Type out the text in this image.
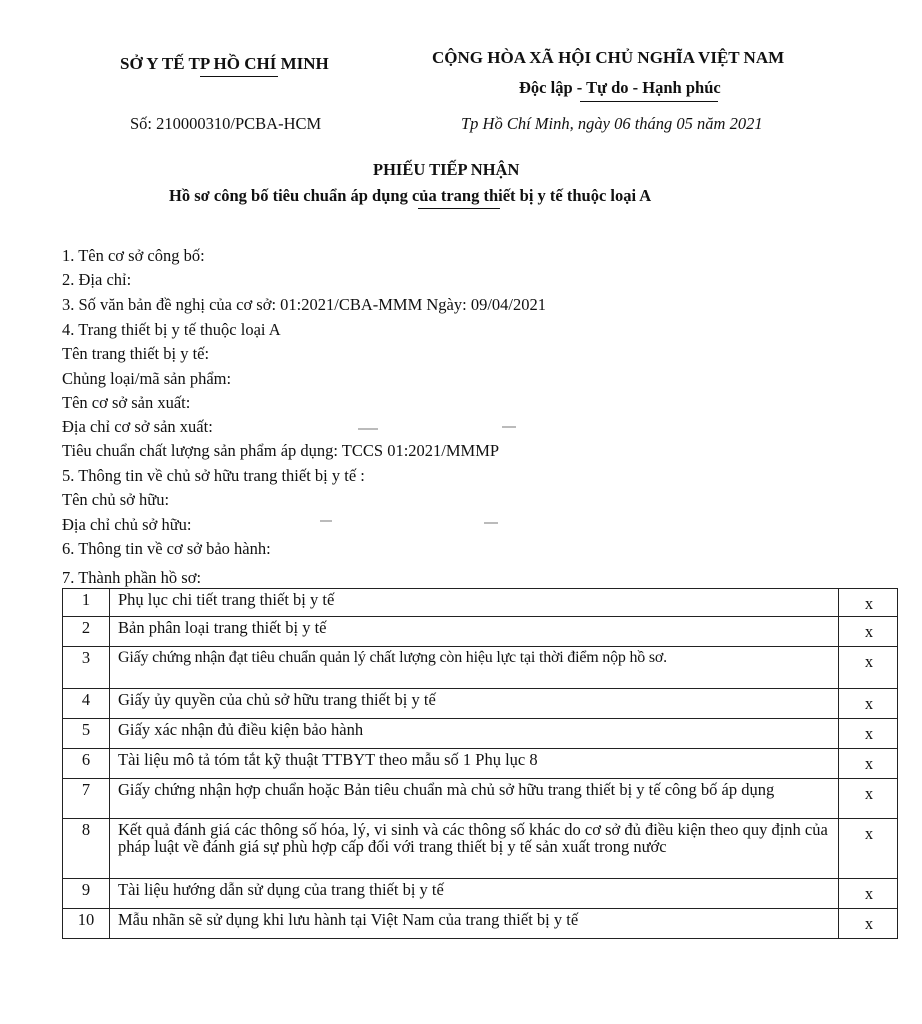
SỞ Y TẾ TP HỒ CHÍ MINH	CỘNG HÒA XÃ HỘI CHỦ NGHĨA VIỆT NAM
Độc lập - Tự do - Hạnh phúc
Số: 210000310/PCBA-HCM	Tp Hồ Chí Minh, ngày 06 tháng 05 năm 2021
PHIẾU TIẾP NHẬN
Hồ sơ công bố tiêu chuẩn áp dụng của trang thiết bị y tế thuộc loại A
1. Tên cơ sở công bố:
2. Địa chỉ:
3. Số văn bản đề nghị của cơ sở: 01:2021/CBA-MMM Ngày: 09/04/2021
4. Trang thiết bị y tế thuộc loại A
Tên trang thiết bị y tế:
Chủng loại/mã sản phẩm:
Tên cơ sở sản xuất:
Địa chỉ cơ sở sản xuất:
Tiêu chuẩn chất lượng sản phẩm áp dụng: TCCS 01:2021/MMMP
5. Thông tin về chủ sở hữu trang thiết bị y tế :
Tên chủ sở hữu:
Địa chỉ chủ sở hữu:
6. Thông tin về cơ sở bảo hành:
7. Thành phần hồ sơ:
1	Phụ lục chi tiết trang thiết bị y tế	x
2	Bản phân loại trang thiết bị y tế	x
3	Giấy chứng nhận đạt tiêu chuẩn quản lý chất lượng còn hiệu lực tại thời điểm nộp hồ sơ.	x
4	Giấy ủy quyền của chủ sở hữu trang thiết bị y tế	x
5	Giấy xác nhận đủ điều kiện bảo hành	x
6	Tài liệu mô tả tóm tắt kỹ thuật TTBYT theo mẫu số 1 Phụ lục 8	x
7	Giấy chứng nhận hợp chuẩn hoặc Bản tiêu chuẩn mà chủ sở hữu trang thiết bị y tế công bố áp dụng	x
8	Kết quả đánh giá các thông số hóa, lý, vi sinh và các thông số khác do cơ sở đủ điều kiện theo quy định của pháp luật về đánh giá sự phù hợp cấp đối với trang thiết bị y tế sản xuất trong nước	x
9	Tài liệu hướng dẫn sử dụng của trang thiết bị y tế	x
10	Mẫu nhãn sẽ sử dụng khi lưu hành tại Việt Nam của trang thiết bị y tế	x
